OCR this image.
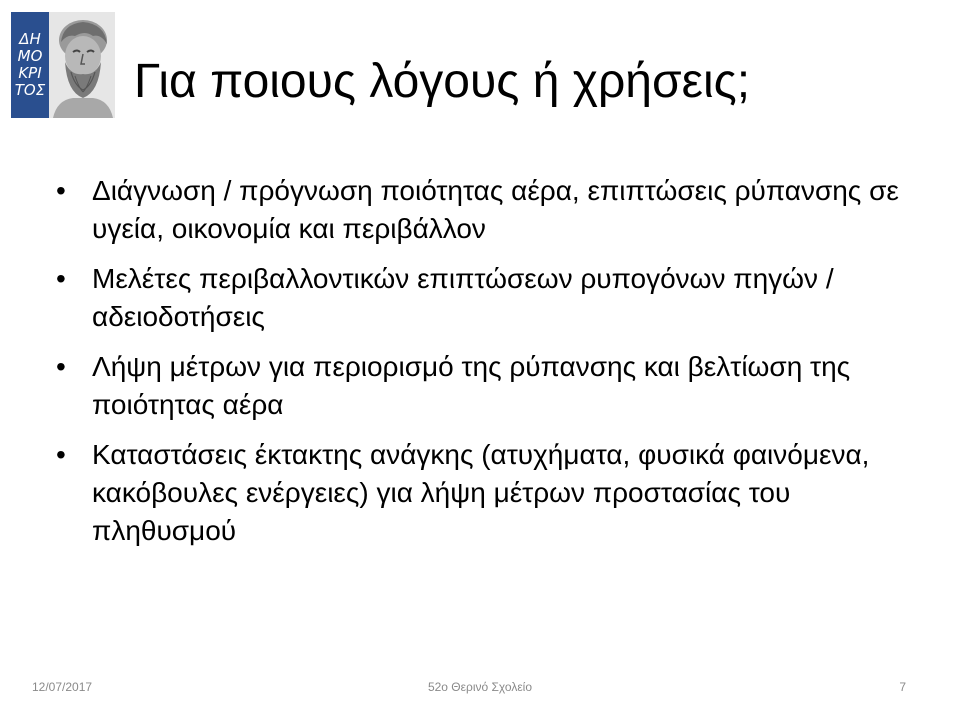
ΔΗ
ΜΟ
ΚΡΙ
ΤΟΣ Για ποιους λόγους ή χρήσεις;
• Διάγνωση / πρόγνωση ποιότητας αέρα, επιπτώσεις ρύπανσης σε υγεία, οικονομία και περιβάλλον
• Μελέτες περιβαλλοντικών επιπτώσεων ρυπογόνων πηγών / αδειοδοτήσεις
• Λήψη μέτρων για περιορισμό της ρύπανσης και βελτίωση της ποιότητας αέρα
• Καταστάσεις έκτακτης ανάγκης (ατυχήματα, φυσικά φαινόμενα, κακόβουλες ενέργειες) για λήψη μέτρων προστασίας του πληθυσμού
12/07/2017	52ο Θερινό Σχολείο	7
